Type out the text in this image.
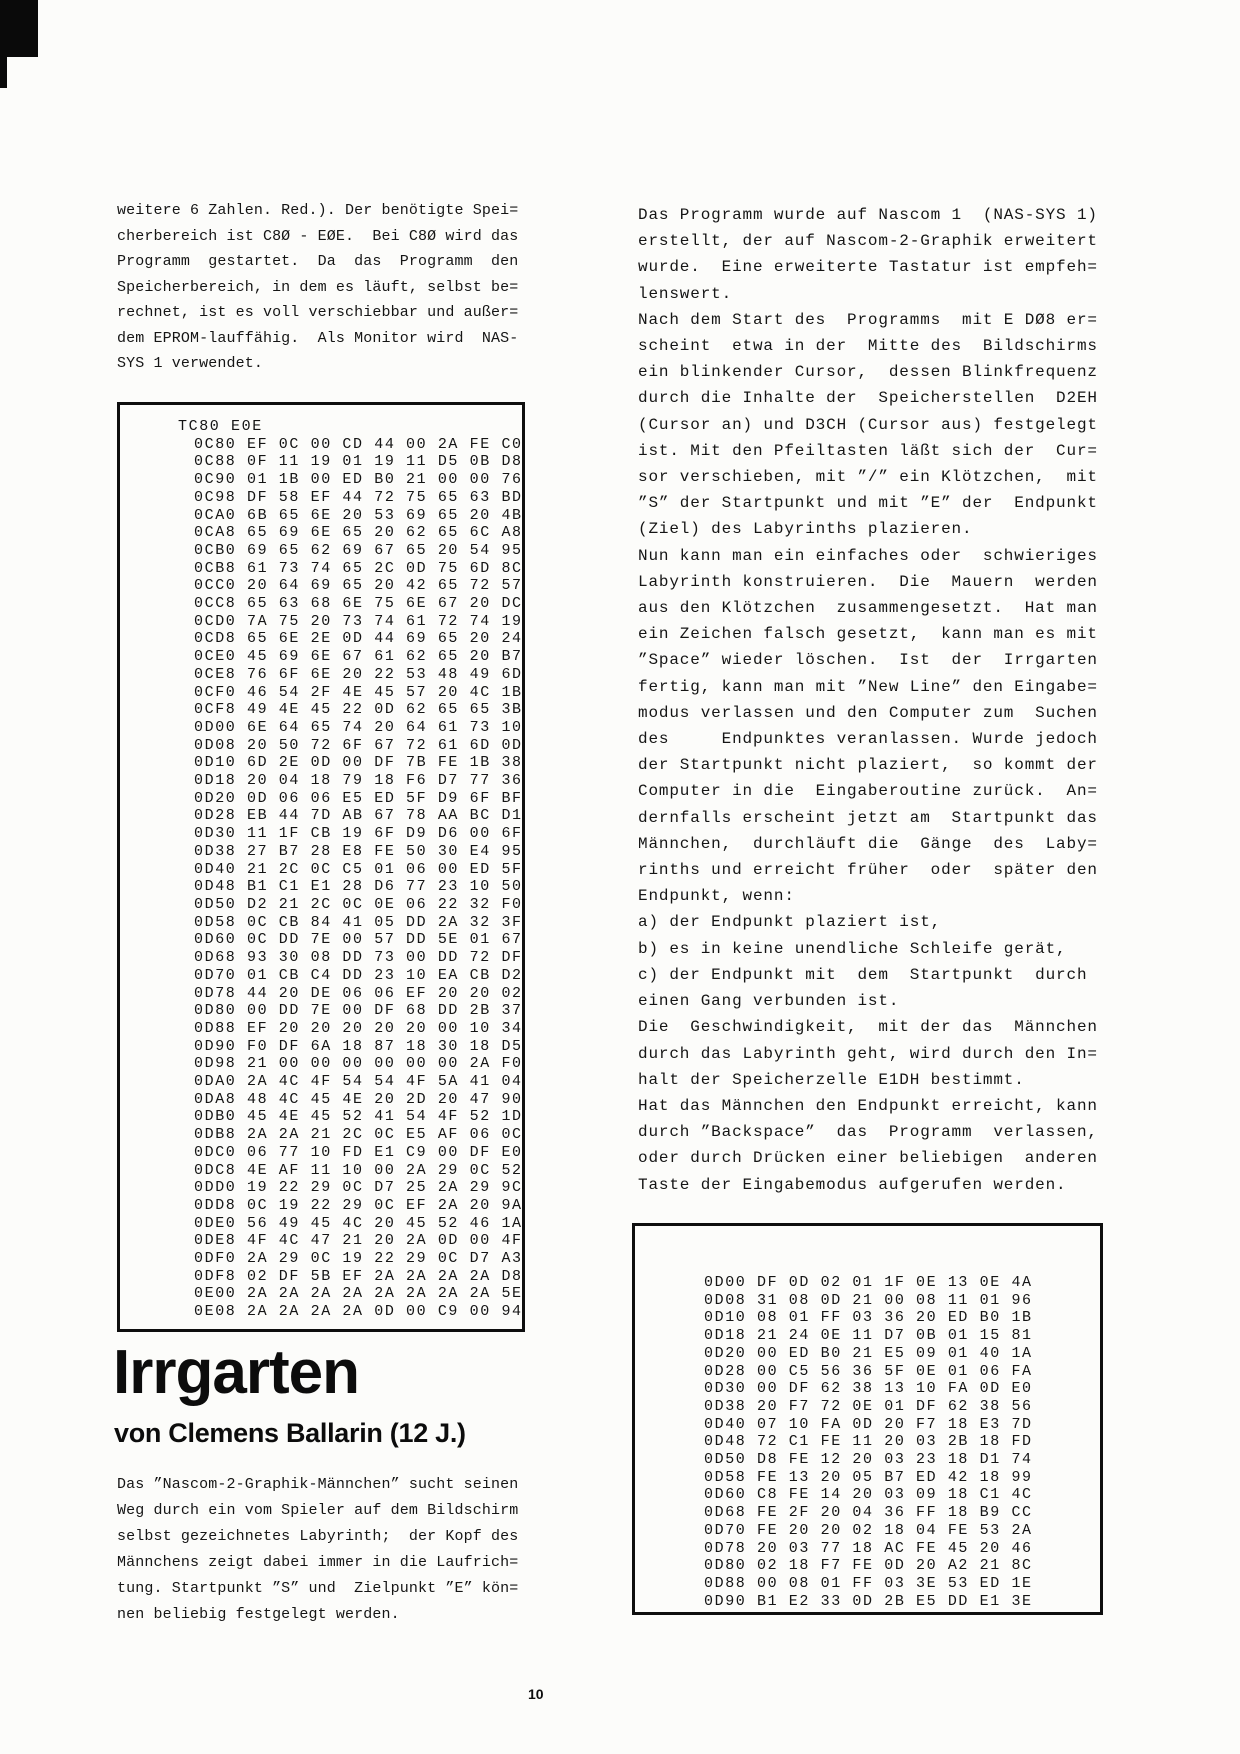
weitere 6 Zahlen. Red.). Der benötigte Spei=
cherbereich ist C8Ø - EØE.  Bei C8Ø wird das
Programm  gestartet.  Da  das  Programm  den
Speicherbereich, in dem es läuft, selbst be=
rechnet, ist es voll verschiebbar und außer=
dem EPROM-lauffähig.  Als Monitor wird  NAS-
SYS 1 verwendet.
TC80 E0E
0C80 EF 0C 00 CD 44 00 2A FE C0
0C88 0F 11 19 01 19 11 D5 0B D8
0C90 01 1B 00 ED B0 21 00 00 76
0C98 DF 58 EF 44 72 75 65 63 BD
0CA0 6B 65 6E 20 53 69 65 20 4B
0CA8 65 69 6E 65 20 62 65 6C A8
0CB0 69 65 62 69 67 65 20 54 95
0CB8 61 73 74 65 2C 0D 75 6D 8C
0CC0 20 64 69 65 20 42 65 72 57
0CC8 65 63 68 6E 75 6E 67 20 DC
0CD0 7A 75 20 73 74 61 72 74 19
0CD8 65 6E 2E 0D 44 69 65 20 24
0CE0 45 69 6E 67 61 62 65 20 B7
0CE8 76 6F 6E 20 22 53 48 49 6D
0CF0 46 54 2F 4E 45 57 20 4C 1B
0CF8 49 4E 45 22 0D 62 65 65 3B
0D00 6E 64 65 74 20 64 61 73 10
0D08 20 50 72 6F 67 72 61 6D 0D
0D10 6D 2E 0D 00 DF 7B FE 1B 38
0D18 20 04 18 79 18 F6 D7 77 36
0D20 0D 06 06 E5 ED 5F D9 6F BF
0D28 EB 44 7D AB 67 78 AA BC D1
0D30 11 1F CB 19 6F D9 D6 00 6F
0D38 27 B7 28 E8 FE 50 30 E4 95
0D40 21 2C 0C C5 01 06 00 ED 5F
0D48 B1 C1 E1 28 D6 77 23 10 50
0D50 D2 21 2C 0C 0E 06 22 32 F0
0D58 0C CB 84 41 05 DD 2A 32 3F
0D60 0C DD 7E 00 57 DD 5E 01 67
0D68 93 30 08 DD 73 00 DD 72 DF
0D70 01 CB C4 DD 23 10 EA CB D2
0D78 44 20 DE 06 06 EF 20 20 02
0D80 00 DD 7E 00 DF 68 DD 2B 37
0D88 EF 20 20 20 20 20 00 10 34
0D90 F0 DF 6A 18 87 18 30 18 D5
0D98 21 00 00 00 00 00 00 2A F0
0DA0 2A 4C 4F 54 54 4F 5A 41 04
0DA8 48 4C 45 4E 20 2D 20 47 90
0DB0 45 4E 45 52 41 54 4F 52 1D
0DB8 2A 2A 21 2C 0C E5 AF 06 0C
0DC0 06 77 10 FD E1 C9 00 DF E0
0DC8 4E AF 11 10 00 2A 29 0C 52
0DD0 19 22 29 0C D7 25 2A 29 9C
0DD8 0C 19 22 29 0C EF 2A 20 9A
0DE0 56 49 45 4C 20 45 52 46 1A
0DE8 4F 4C 47 21 20 2A 0D 00 4F
0DF0 2A 29 0C 19 22 29 0C D7 A3
0DF8 02 DF 5B EF 2A 2A 2A 2A D8
0E00 2A 2A 2A 2A 2A 2A 2A 2A 5E
0E08 2A 2A 2A 2A 0D 00 C9 00 94
Irrgarten
von Clemens Ballarin (12 J.)
Das ”Nascom-2-Graphik-Männchen” sucht seinen
Weg durch ein vom Spieler auf dem Bildschirm
selbst gezeichnetes Labyrinth;  der Kopf des
Männchens zeigt dabei immer in die Laufrich=
tung. Startpunkt ”S” und  Zielpunkt ”E” kön=
nen beliebig festgelegt werden.
Das Programm wurde auf Nascom 1  (NAS-SYS 1)
erstellt, der auf Nascom-2-Graphik erweitert
wurde.  Eine erweiterte Tastatur ist empfeh=
lenswert.
Nach dem Start des  Programms  mit E DØ8 er=
scheint  etwa in der  Mitte des  Bildschirms
ein blinkender Cursor,  dessen Blinkfrequenz
durch die Inhalte der  Speicherstellen  D2EH
(Cursor an) und D3CH (Cursor aus) festgelegt
ist. Mit den Pfeiltasten läßt sich der  Cur=
sor verschieben, mit ”/” ein Klötzchen,  mit
”S” der Startpunkt und mit ”E” der  Endpunkt
(Ziel) des Labyrinths plazieren.
Nun kann man ein einfaches oder  schwieriges
Labyrinth konstruieren.  Die  Mauern  werden
aus den Klötzchen  zusammengesetzt.  Hat man
ein Zeichen falsch gesetzt,  kann man es mit
”Space” wieder löschen.  Ist  der  Irrgarten
fertig, kann man mit ”New Line” den Eingabe=
modus verlassen und den Computer zum  Suchen
des     Endpunktes veranlassen. Wurde jedoch
der Startpunkt nicht plaziert,  so kommt der
Computer in die  Eingaberoutine zurück.  An=
dernfalls erscheint jetzt am  Startpunkt das
Männchen,  durchläuft die  Gänge  des  Laby=
rinths und erreicht früher  oder  später den
Endpunkt, wenn:
a) der Endpunkt plaziert ist,
b) es in keine unendliche Schleife gerät,
c) der Endpunkt mit  dem  Startpunkt  durch
einen Gang verbunden ist.
Die  Geschwindigkeit,  mit der das  Männchen
durch das Labyrinth geht, wird durch den In=
halt der Speicherzelle E1DH bestimmt.
Hat das Männchen den Endpunkt erreicht, kann
durch ”Backspace”  das  Programm  verlassen,
oder durch Drücken einer beliebigen  anderen
Taste der Eingabemodus aufgerufen werden.
0D00 DF 0D 02 01 1F 0E 13 0E 4A
0D08 31 08 0D 21 00 08 11 01 96
0D10 08 01 FF 03 36 20 ED B0 1B
0D18 21 24 0E 11 D7 0B 01 15 81
0D20 00 ED B0 21 E5 09 01 40 1A
0D28 00 C5 56 36 5F 0E 01 06 FA
0D30 00 DF 62 38 13 10 FA 0D E0
0D38 20 F7 72 0E 01 DF 62 38 56
0D40 07 10 FA 0D 20 F7 18 E3 7D
0D48 72 C1 FE 11 20 03 2B 18 FD
0D50 D8 FE 12 20 03 23 18 D1 74
0D58 FE 13 20 05 B7 ED 42 18 99
0D60 C8 FE 14 20 03 09 18 C1 4C
0D68 FE 2F 20 04 36 FF 18 B9 CC
0D70 FE 20 20 02 18 04 FE 53 2A
0D78 20 03 77 18 AC FE 45 20 46
0D80 02 18 F7 FE 0D 20 A2 21 8C
0D88 00 08 01 FF 03 3E 53 ED 1E
0D90 B1 E2 33 0D 2B E5 DD E1 3E
10
